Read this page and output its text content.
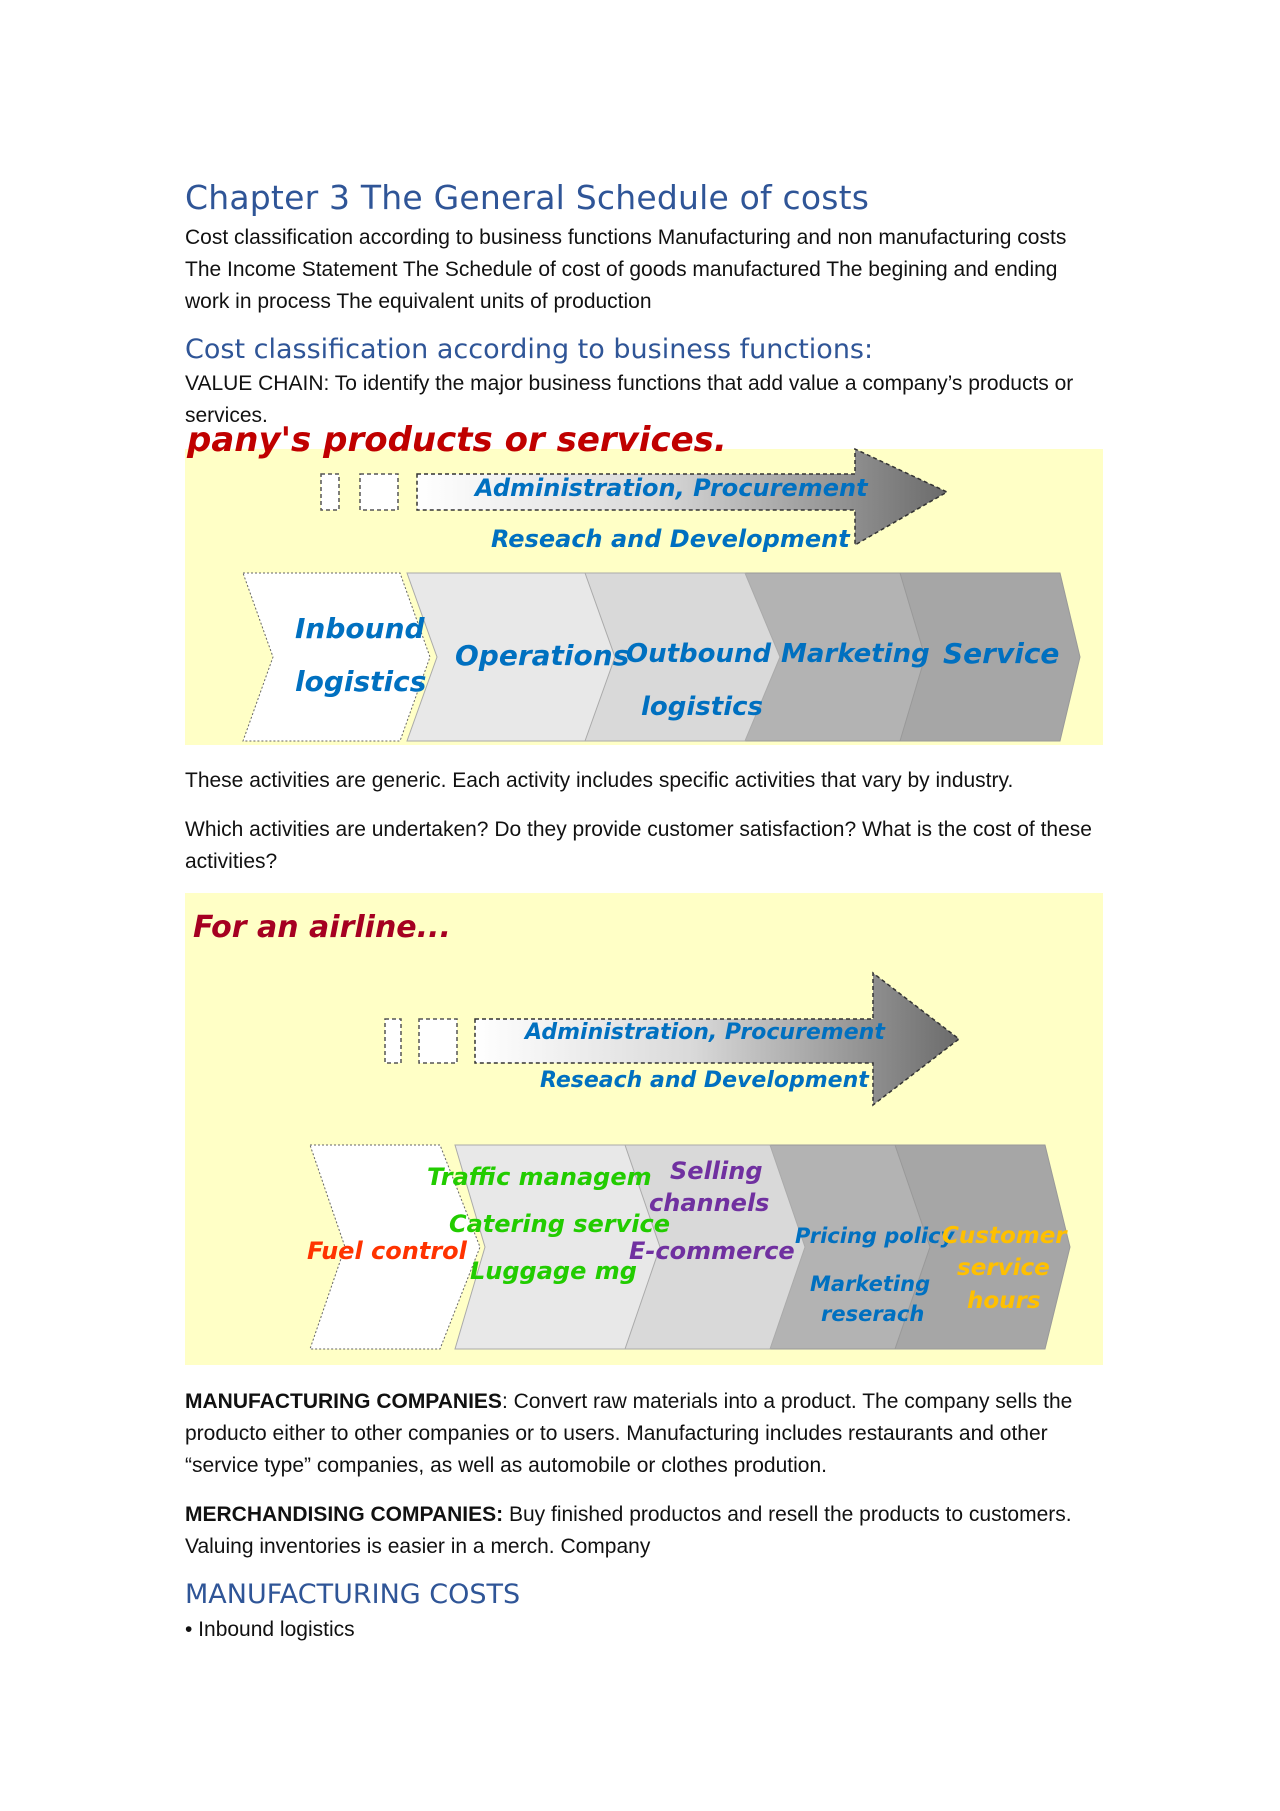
Chapter 3 The General Schedule of costs

Cost classification according to business functions Manufacturing and non manufacturing costs The Income Statement The Schedule of cost of goods manufactured The begining and ending work in process The equivalent units of production

Cost classification according to business functions:

VALUE CHAIN: To identify the major business functions that add value a company’s products or services.

pany's products or services.
Administration, Procurement
Reseach and Development
Inbound
logistics
Operations
Outbound
logistics
Marketing Service

These activities are generic. Each activity includes specific activities that vary by industry.

Which activities are undertaken? Do they provide customer satisfaction? What is the cost of these activities?

For an airline...
Administration, Procurement
Reseach and Development
Fuel control
Traffic managem
Catering service
Luggage mg
Selling
channels
E-commerce
Pricing policy
Marketing
reserach
Customer
service
hours

MANUFACTURING COMPANIES: Convert raw materials into a product. The company sells the producto either to other companies or to users. Manufacturing includes restaurants and other “service type” companies, as well as automobile or clothes prodution.

MERCHANDISING COMPANIES: Buy finished productos and resell the products to customers. Valuing inventories is easier in a merch. Company

MANUFACTURING COSTS

• Inbound logistics
